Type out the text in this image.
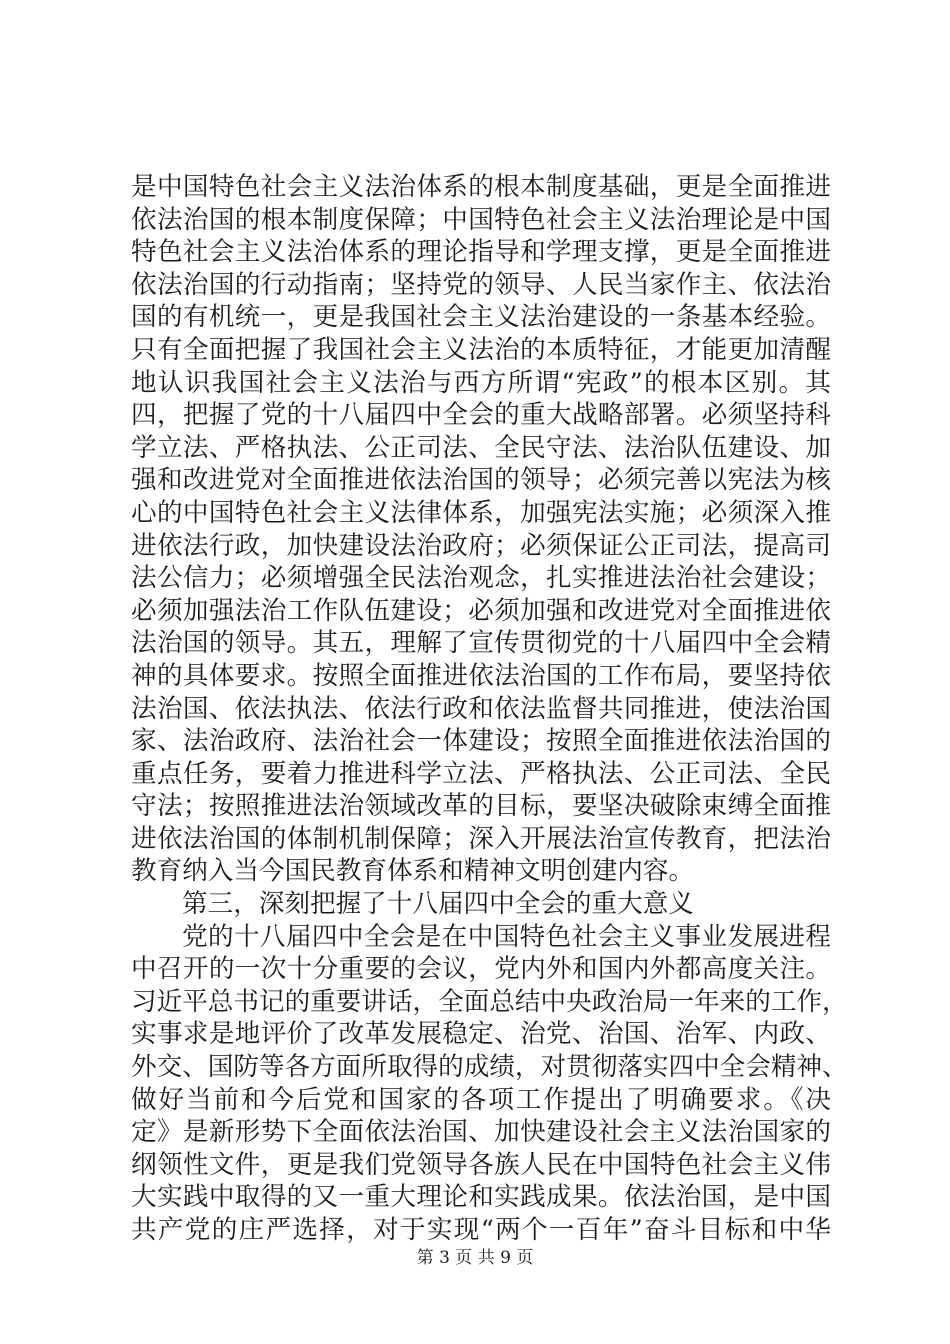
是中国特色社会主义法治体系的根本制度基础，更是全面推进
依法治国的根本制度保障；中国特色社会主义法治理论是中国
特色社会主义法治体系的理论指导和学理支撑，更是全面推进
依法治国的行动指南；坚持党的领导、人民当家作主、依法治
国的有机统一，更是我国社会主义法治建设的一条基本经验。
只有全面把握了我国社会主义法治的本质特征，才能更加清醒
地认识我国社会主义法治与西方所谓“宪政”的根本区别。其
四，把握了党的十八届四中全会的重大战略部署。必须坚持科
学立法、严格执法、公正司法、全民守法、法治队伍建设、加
强和改进党对全面推进依法治国的领导；必须完善以宪法为核
心的中国特色社会主义法律体系，加强宪法实施；必须深入推
进依法行政，加快建设法治政府；必须保证公正司法，提高司
法公信力；必须增强全民法治观念，扎实推进法治社会建设；
必须加强法治工作队伍建设；必须加强和改进党对全面推进依
法治国的领导。其五，理解了宣传贯彻党的十八届四中全会精
神的具体要求。按照全面推进依法治国的工作布局，要坚持依
法治国、依法执法、依法行政和依法监督共同推进，使法治国
家、法治政府、法治社会一体建设；按照全面推进依法治国的
重点任务，要着力推进科学立法、严格执法、公正司法、全民
守法；按照推进法治领域改革的目标，要坚决破除束缚全面推
进依法治国的体制机制保障；深入开展法治宣传教育，把法治
教育纳入当今国民教育体系和精神文明创建内容。
第三，深刻把握了十八届四中全会的重大意义
党的十八届四中全会是在中国特色社会主义事业发展进程
中召开的一次十分重要的会议，党内外和国内外都高度关注。
习近平总书记的重要讲话，全面总结中央政治局一年来的工作，
实事求是地评价了改革发展稳定、治党、治国、治军、内政、
外交、国防等各方面所取得的成绩，对贯彻落实四中全会精神、
做好当前和今后党和国家的各项工作提出了明确要求。《决
定》是新形势下全面依法治国、加快建设社会主义法治国家的
纲领性文件，更是我们党领导各族人民在中国特色社会主义伟
大实践中取得的又一重大理论和实践成果。依法治国，是中国
共产党的庄严选择，对于实现“两个一百年”奋斗目标和中华
第 3 页 共 9 页
